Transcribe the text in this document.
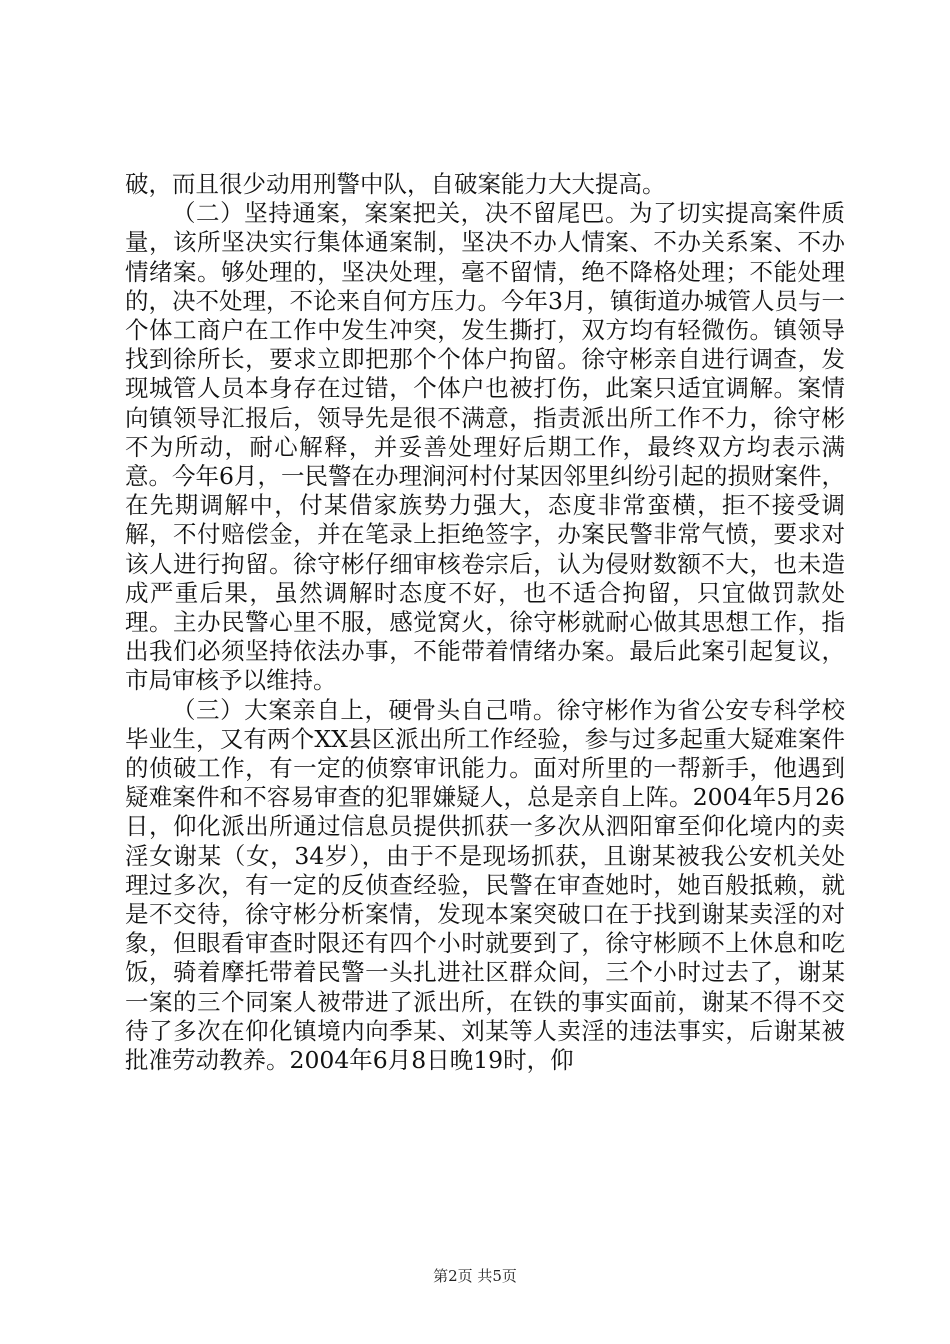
破，而且很少动用刑警中队，自破案能力大大提高。

（二）坚持通案，案案把关，决不留尾巴。为了切实提高案件质量，该所坚决实行集体通案制，坚决不办人情案、不办关系案、不办情绪案。够处理的，坚决处理，毫不留情，绝不降格处理；不能处理的，决不处理，不论来自何方压力。今年3月，镇街道办城管人员与一个体工商户在工作中发生冲突，发生撕打，双方均有轻微伤。镇领导找到徐所长，要求立即把那个个体户拘留。徐守彬亲自进行调查，发现城管人员本身存在过错，个体户也被打伤，此案只适宜调解。案情向镇领导汇报后，领导先是很不满意，指责派出所工作不力，徐守彬不为所动，耐心解释，并妥善处理好后期工作，最终双方均表示满意。今年6月，一民警在办理涧河村付某因邻里纠纷引起的损财案件，在先期调解中，付某借家族势力强大，态度非常蛮横，拒不接受调解，不付赔偿金，并在笔录上拒绝签字，办案民警非常气愤，要求对该人进行拘留。徐守彬仔细审核卷宗后，认为侵财数额不大，也未造成严重后果，虽然调解时态度不好，也不适合拘留，只宜做罚款处理。主办民警心里不服，感觉窝火，徐守彬就耐心做其思想工作，指出我们必须坚持依法办事，不能带着情绪办案。最后此案引起复议，市局审核予以维持。

（三）大案亲自上，硬骨头自己啃。徐守彬作为省公安专科学校毕业生，又有两个XX县区派出所工作经验，参与过多起重大疑难案件的侦破工作，有一定的侦察审讯能力。面对所里的一帮新手，他遇到疑难案件和不容易审查的犯罪嫌疑人，总是亲自上阵。2004年5月26日，仰化派出所通过信息员提供抓获一多次从泗阳窜至仰化境内的卖淫女谢某（女，34岁），由于不是现场抓获，且谢某被我公安机关处理过多次，有一定的反侦查经验，民警在审查她时，她百般抵赖，就是不交待，徐守彬分析案情，发现本案突破口在于找到谢某卖淫的对象，但眼看审查时限还有四个小时就要到了，徐守彬顾不上休息和吃饭，骑着摩托带着民警一头扎进社区群众间，三个小时过去了，谢某一案的三个同案人被带进了派出所，在铁的事实面前，谢某不得不交待了多次在仰化镇境内向季某、刘某等人卖淫的违法事实，后谢某被批准劳动教养。2004年6月8日晚19时，仰

第2页 共5页
